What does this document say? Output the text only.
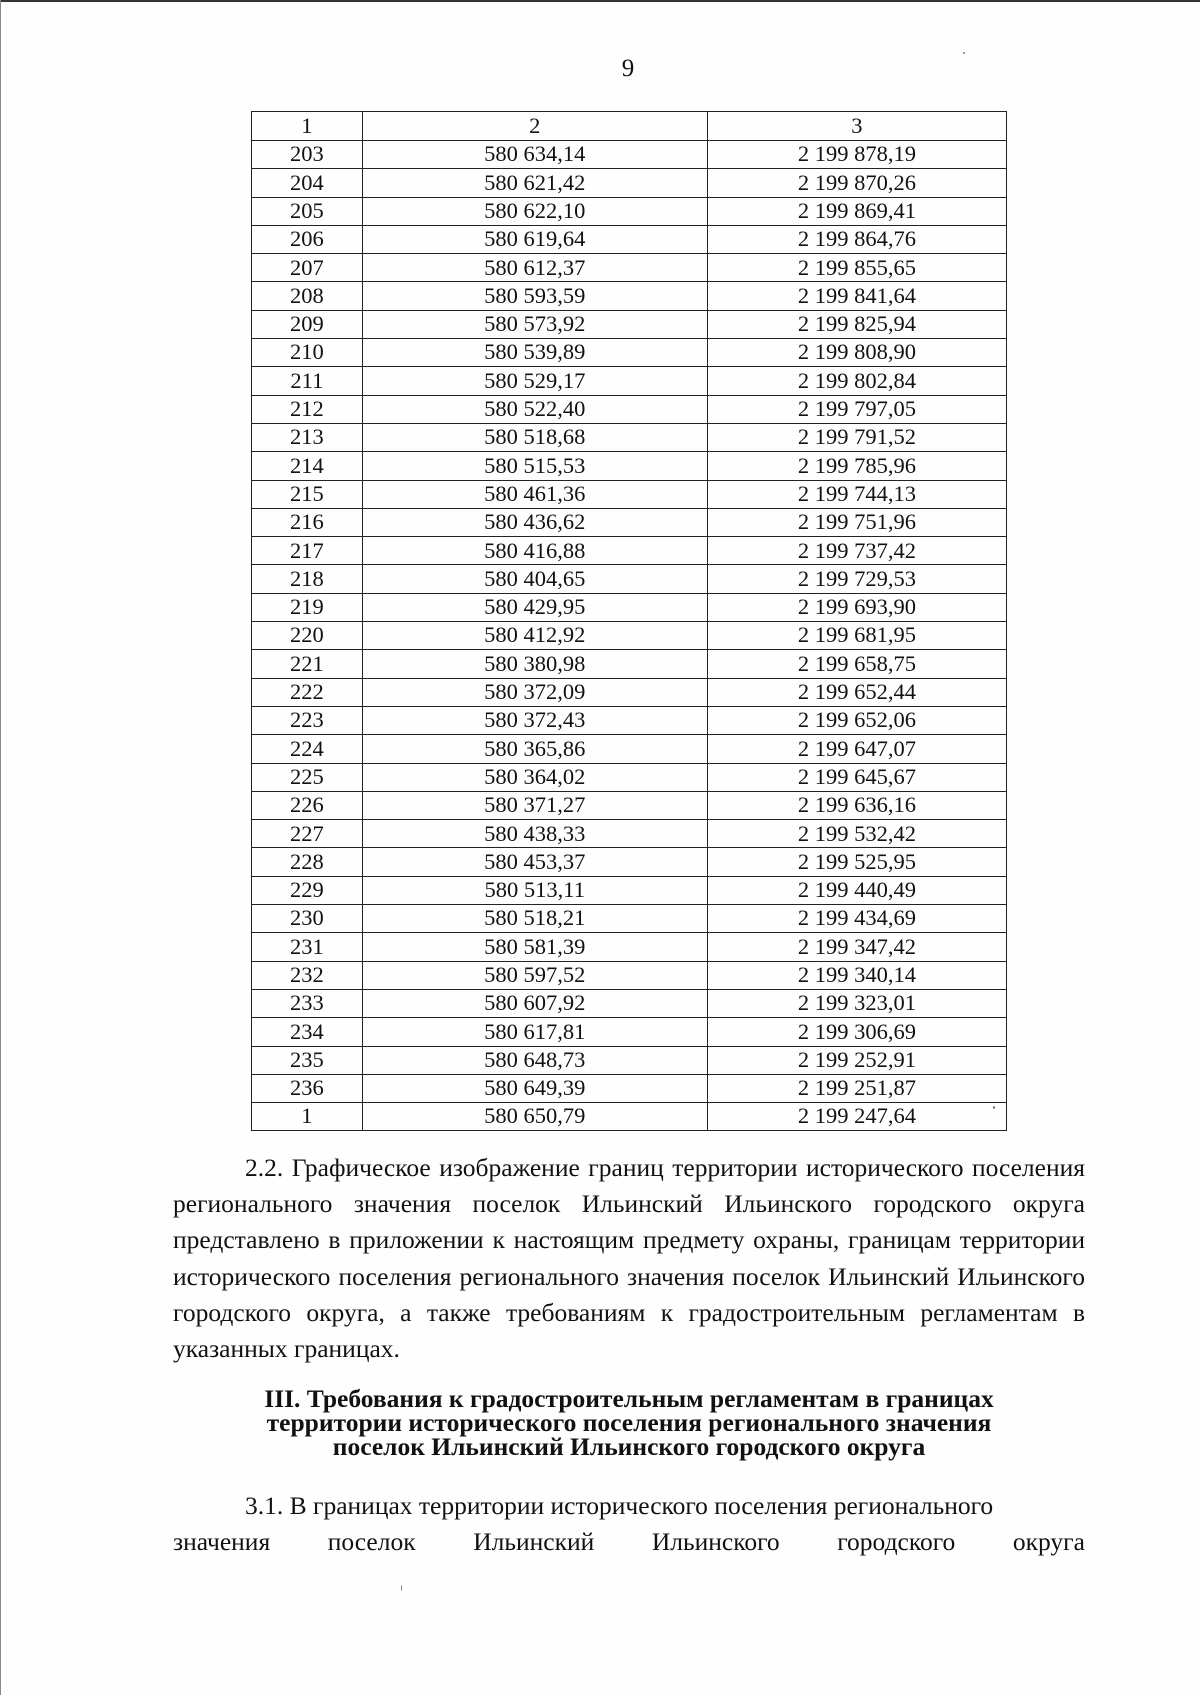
9
1	2	3
203	580 634,14	2 199 878,19
204	580 621,42	2 199 870,26
205	580 622,10	2 199 869,41
206	580 619,64	2 199 864,76
207	580 612,37	2 199 855,65
208	580 593,59	2 199 841,64
209	580 573,92	2 199 825,94
210	580 539,89	2 199 808,90
211	580 529,17	2 199 802,84
212	580 522,40	2 199 797,05
213	580 518,68	2 199 791,52
214	580 515,53	2 199 785,96
215	580 461,36	2 199 744,13
216	580 436,62	2 199 751,96
217	580 416,88	2 199 737,42
218	580 404,65	2 199 729,53
219	580 429,95	2 199 693,90
220	580 412,92	2 199 681,95
221	580 380,98	2 199 658,75
222	580 372,09	2 199 652,44
223	580 372,43	2 199 652,06
224	580 365,86	2 199 647,07
225	580 364,02	2 199 645,67
226	580 371,27	2 199 636,16
227	580 438,33	2 199 532,42
228	580 453,37	2 199 525,95
229	580 513,11	2 199 440,49
230	580 518,21	2 199 434,69
231	580 581,39	2 199 347,42
232	580 597,52	2 199 340,14
233	580 607,92	2 199 323,01
234	580 617,81	2 199 306,69
235	580 648,73	2 199 252,91
236	580 649,39	2 199 251,87
1	580 650,79	2 199 247,64
2.2. Графическое изображение границ территории исторического поселения регионального значения поселок Ильинский Ильинского городского округа представлено в приложении к настоящим предмету охраны, границам территории исторического поселения регионального значения поселок Ильинский Ильинского городского округа, а также требованиям к градостроительным регламентам в указанных границах.
III. Требования к градостроительным регламентам в границах
территории исторического поселения регионального значения
поселок Ильинский Ильинского городского округа
3.1. В границах территории исторического поселения регионального
значения поселок Ильинский Ильинского городского округа
